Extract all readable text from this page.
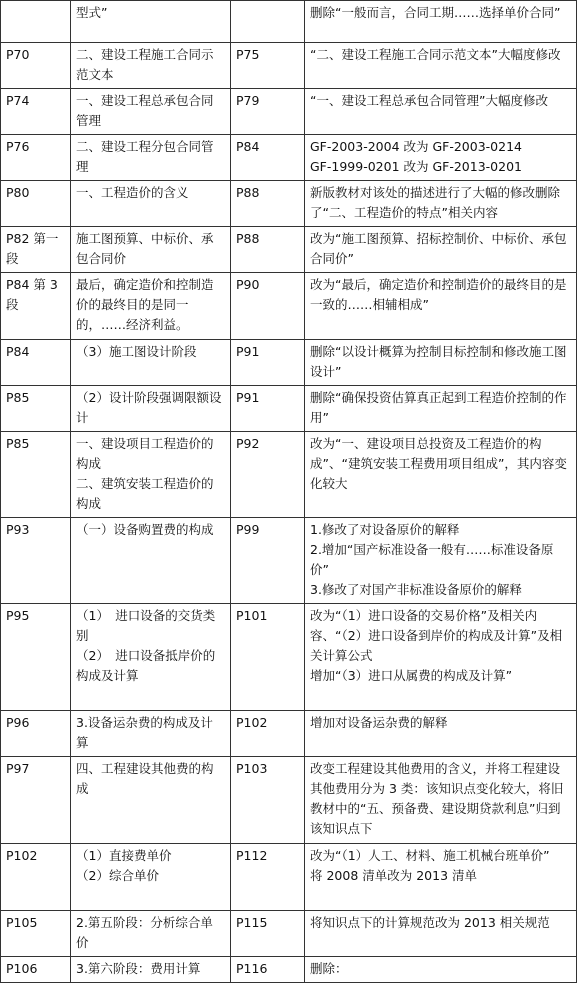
	型式”		删除“一般而言，合同工期……选择单价合同”

P70	二、建设工程施工合同示范文本	P75	“二、建设工程施工合同示范文本”大幅度修改

P74	一、建设工程总承包合同管理	P79	“一、建设工程总承包合同管理”大幅度修改

P76	二、建设工程分包合同管理	P84	GF-2003-2004 改为 GF-2003-0214
GF-1999-0201 改为 GF-2013-0201

P80	一、工程造价的含义	P88	新版教材对该处的描述进行了大幅的修改删除了“二、工程造价的特点”相关内容

P82 第一段	施工图预算、中标价、承包合同价	P88	改为“施工图预算、招标控制价、中标价、承包合同价”

P84 第 3 段	最后，确定造价和控制造价的最终目的是同一的，……经济利益。	P90	改为“最后，确定造价和控制造价的最终目的是一致的……相辅相成”

P84	（3）施工图设计阶段	P91	删除“以设计概算为控制目标控制和修改施工图设计”

P85	（2）设计阶段强调限额设计	P91	删除“确保投资估算真正起到工程造价控制的作用”

P85	一、建设项目工程造价的构成
二、建筑安装工程造价的构成	P92	改为“一、建设项目总投资及工程造价的构成”、“建筑安装工程费用项目组成”，其内容变化较大

P93	（一）设备购置费的构成	P99	1.修改了对设备原价的解释
2.增加“国产标准设备一般有……标准设备原价”
3.修改了对国产非标准设备原价的解释

P95	（1）　进口设备的交货类别
（2）　进口设备抵岸价的构成及计算	P101	改为“（1）进口设备的交易价格”及相关内容、“（2）进口设备到岸价的构成及计算”及相关计算公式
增加“（3）进口从属费的构成及计算”

P96	3.设备运杂费的构成及计算	P102	增加对设备运杂费的解释

P97	四、工程建设其他费的构成	P103	改变工程建设其他费用的含义，并将工程建设其他费用分为 3 类：该知识点变化较大，将旧教材中的“五、预备费、建设期贷款利息”归到该知识点下

P102	（1）直接费单价
（2）综合单价	P112	改为“（1）人工、材料、施工机械台班单价”
将 2008 清单改为 2013 清单

P105	2.第五阶段：分析综合单价	P115	将知识点下的计算规范改为 2013 相关规范

P106	3.第六阶段：费用计算	P116	删除：
